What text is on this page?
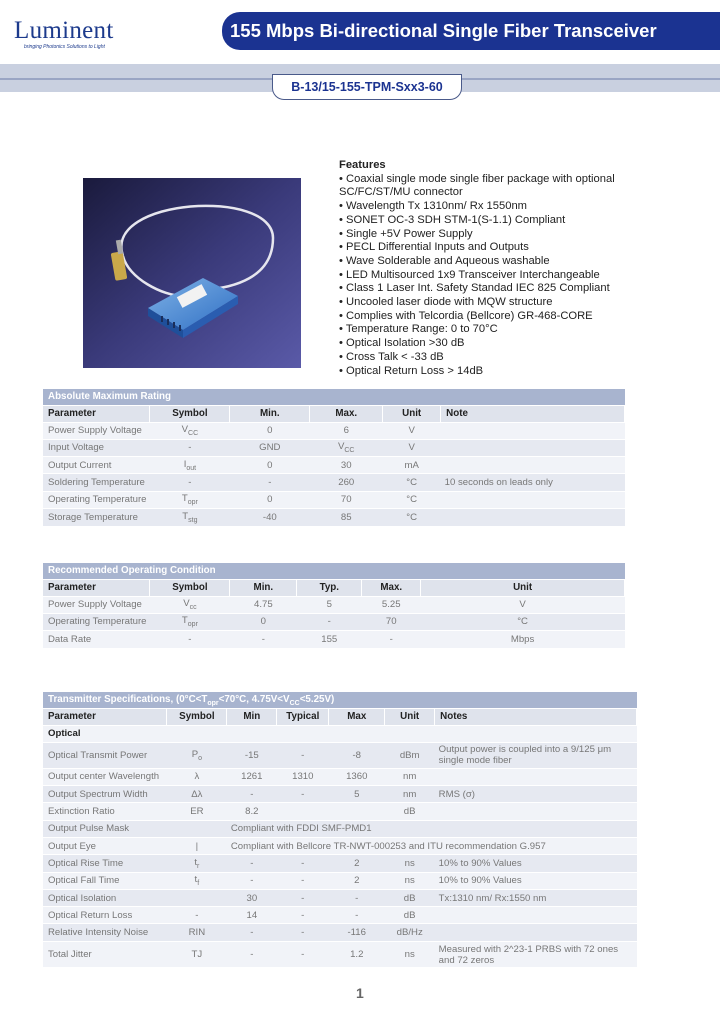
Luminent
bringing Photonics Solutions to Light
155 Mbps Bi-directional Single Fiber Transceiver
B-13/15-155-TPM-Sxx3-60
Features
• Coaxial single mode single fiber package with optional
SC/FC/ST/MU connector
• Wavelength Tx 1310nm/ Rx 1550nm
• SONET OC-3 SDH STM-1(S-1.1) Compliant
• Single +5V Power Supply
• PECL Differential Inputs and Outputs
• Wave Solderable and Aqueous washable
• LED Multisourced 1x9 Transceiver Interchangeable
• Class 1 Laser Int. Safety Standad IEC 825 Compliant
• Uncooled laser diode with MQW structure
• Complies with Telcordia (Bellcore) GR-468-CORE
• Temperature Range: 0 to 70°C
• Optical Isolation >30 dB
• Cross Talk < -33 dB
• Optical Return Loss > 14dB
Absolute Maximum Rating
Parameter	Symbol	Min.	Max.	Unit	Note
Power Supply Voltage	$V_{CC}$	0	6	V	
Input Voltage	-	GND	$V_{CC}$	V	
Output Current	$I_{out}$	0	30	mA	
Soldering Temperature	-	-	260	°C	10 seconds on leads only
Operating Temperature	$T_{opr}$	0	70	°C	
Storage Temperature	$T_{stg}$	-40	85	°C	
Recommended Operating Condition
Parameter	Symbol	Min.	Typ.	Max.	Unit
Power Supply Voltage	$V_{cc}$	4.75	5	5.25	V
Operating Temperature	$T_{opr}$	0	-	70	°C
Data Rate	-	-	155	-	Mbps
Transmitter Specifications, ($0^\circ C<T_{opr}<70^\circ C$, $4.75V<V_{CC}<5.25V$)
Parameter	Symbol	Min	Typical	Max	Unit	Notes
Optical						
Optical Transmit Power	$P_o$	-15	-	-8	dBm	Output power is coupled into a 9/125 μm single mode fiber
Output center Wavelength	λ	1261	1310	1360	nm	
Output Spectrum Width	Δλ	-	-	5	nm	RMS (σ)
Extinction Ratio	ER	8.2			dB	
Output Pulse Mask		Compliant with FDDI SMF-PMD1				
Output Eye	|	Compliant with Bellcore TR-NWT-000253 and ITU recommendation G.957				
Optical Rise Time	$t_r$	-	-	2	ns	10% to 90% Values
Optical Fall Time	$t_f$	-	-	2	ns	10% to 90% Values
Optical Isolation		30	-	-	dB	Tx:1310 nm/ Rx:1550 nm
Optical Return Loss	-	14	-	-	dB	
Relative Intensity Noise	RIN	-	-	-116	dB/Hz	
Total Jitter	TJ	-	-	1.2	ns	Measured with 2^23-1 PRBS with 72 ones and 72 zeros
1
